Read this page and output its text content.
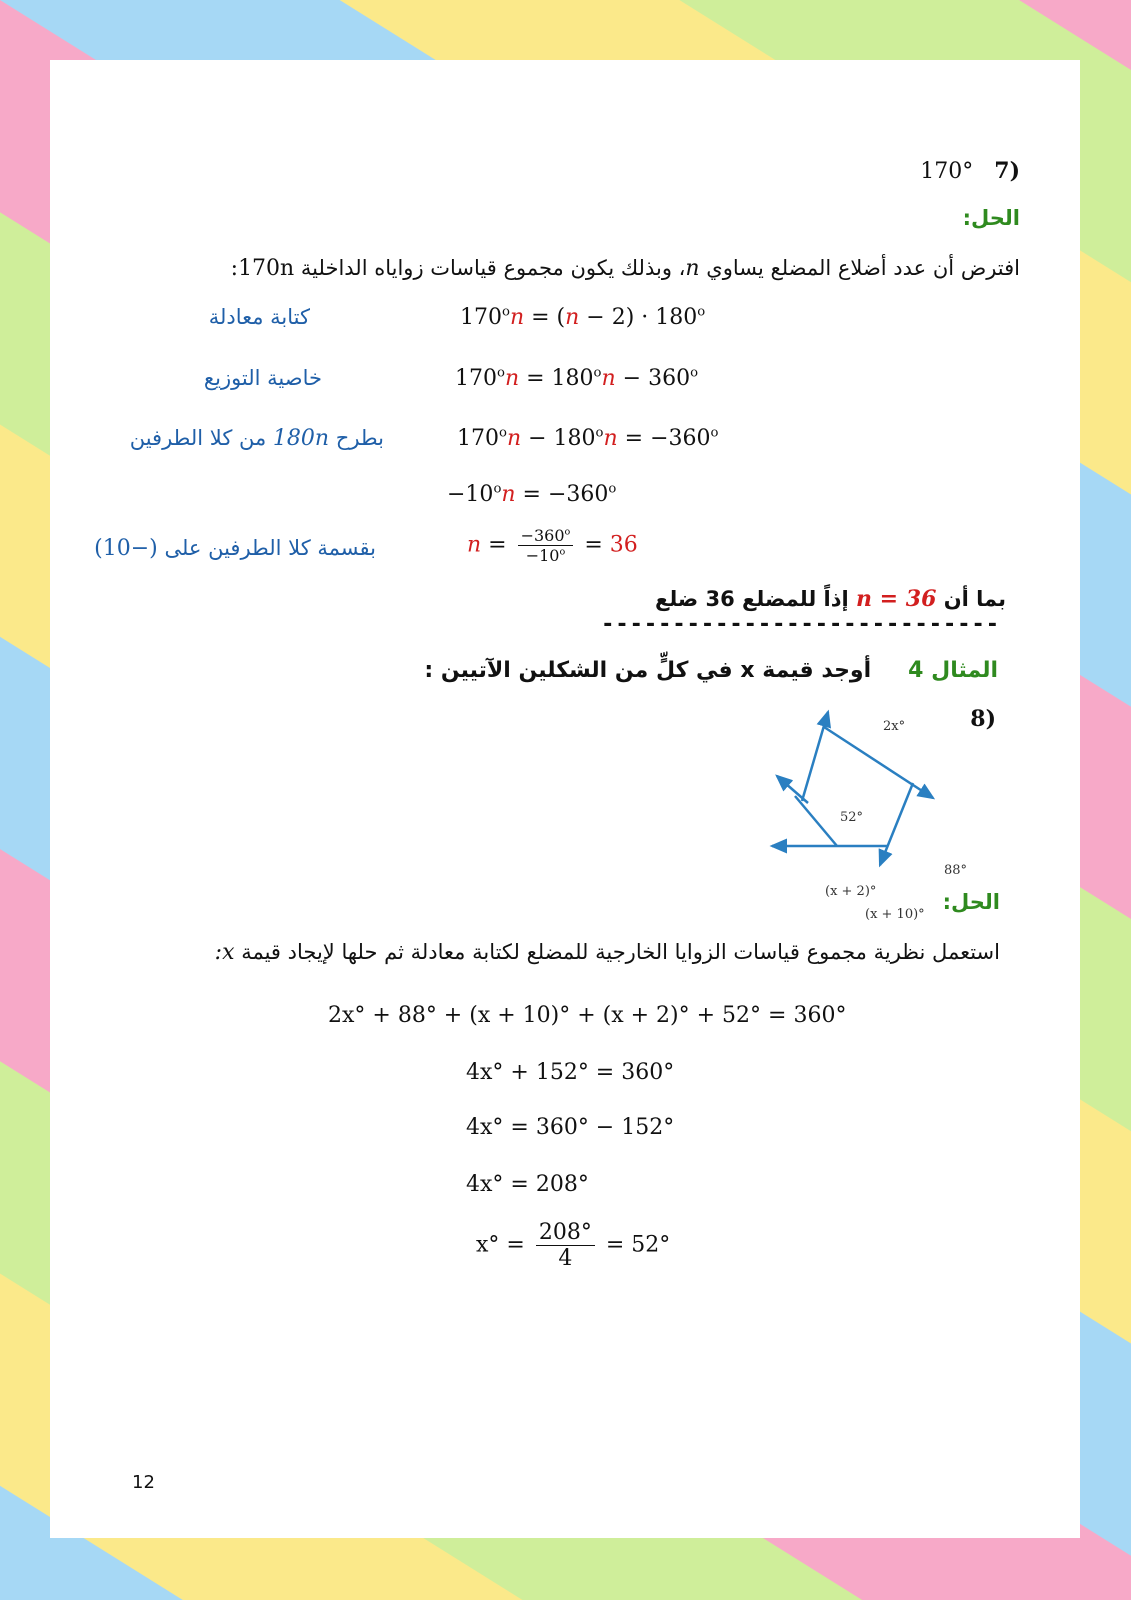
170° 7)
الحل:
افترض أن عدد أضلاع المضلع يساوي n، وبذلك يكون مجموع قياسات زواياه الداخلية 170n:
$170^on = (n - 2) \cdot 180^o$
كتابة معادلة
$170^on = 180^on - 360^o$
خاصية التوزيع
$170^on - 180^on = -360^o$
بطرح 180n من كلا الطرفين
$-10^on = -360^o$
$n = \frac{-360^o}{-10^o} = 36$
بقسمة كلا الطرفين على (−10)
بما أن n = 36 إذاً للمضلع 36 ضلع
----------------------------
المثال 4 أوجد قيمة x في كلٍّ من الشكلين الآتيين :
8)
2x°
52°
88°
(x + 2)°
(x + 10)°
الحل:
استعمل نظرية مجموع قياسات الزوايا الخارجية للمضلع لكتابة معادلة ثم حلها لإيجاد قيمة x:
2x° + 88° + (x + 10)° + (x + 2)° + 52° = 360°
4x° + 152° = 360°
4x° = 360° − 152°
4x° = 208°
$x^\circ = \frac{208^\circ}{4} = 52^\circ$
12
